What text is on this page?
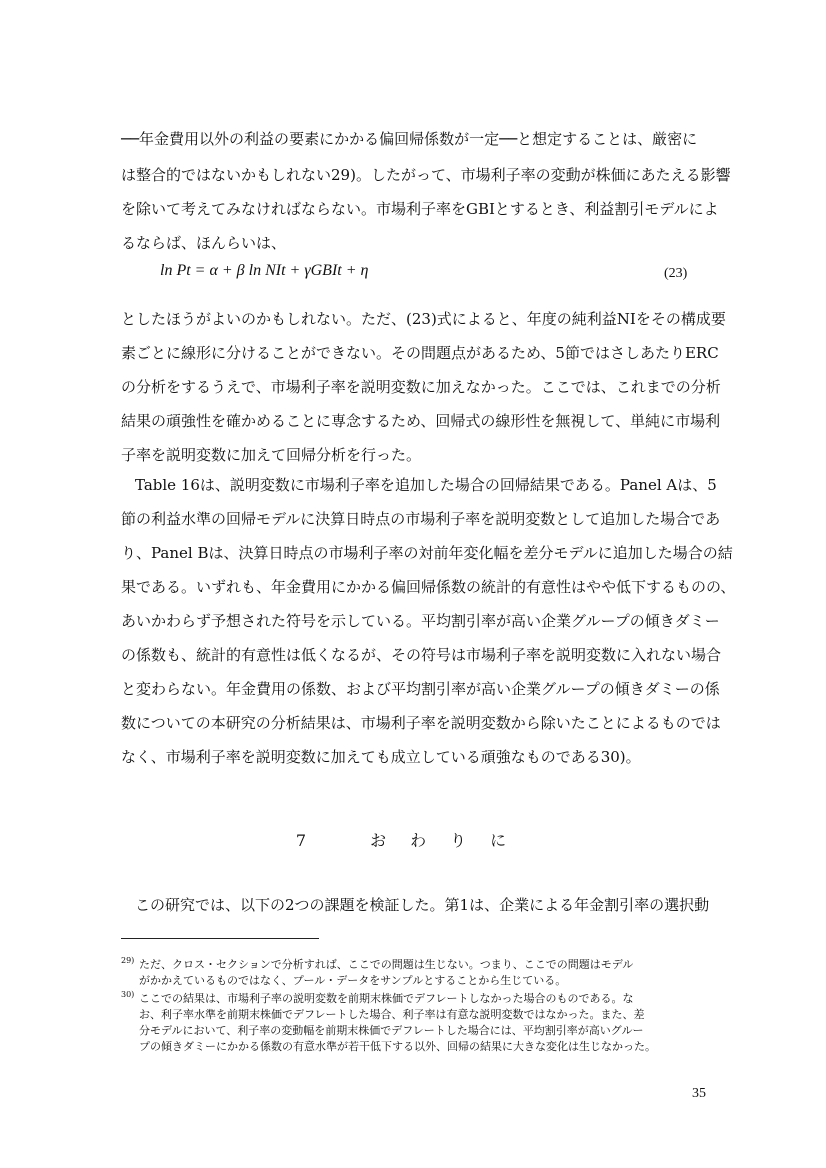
──年金費用以外の利益の要素にかかる偏回帰係数が一定──と想定することは、厳密に
は整合的ではないかもしれない29)。したがって、市場利子率の変動が株価にあたえる影響
を除いて考えてみなければならない。市場利子率をGBIとするとき、利益割引モデルによ
るならば、ほんらいは、
ln Pt = α + β ln NIt + γGBIt + η	(23)
としたほうがよいのかもしれない。ただ、(23)式によると、年度の純利益NIをその構成要
素ごとに線形に分けることができない。その問題点があるため、5節ではさしあたりERC
の分析をするうえで、市場利子率を説明変数に加えなかった。ここでは、これまでの分析
結果の頑強性を確かめることに専念するため、回帰式の線形性を無視して、単純に市場利
子率を説明変数に加えて回帰分析を行った。
Table 16は、説明変数に市場利子率を追加した場合の回帰結果である。Panel Aは、5
節の利益水準の回帰モデルに決算日時点の市場利子率を説明変数として追加した場合であ
り、Panel Bは、決算日時点の市場利子率の対前年変化幅を差分モデルに追加した場合の結
果である。いずれも、年金費用にかかる偏回帰係数の統計的有意性はやや低下するものの、
あいかわらず予想された符号を示している。平均割引率が高い企業グループの傾きダミー
の係数も、統計的有意性は低くなるが、その符号は市場利子率を説明変数に入れない場合
と変わらない。年金費用の係数、および平均割引率が高い企業グループの傾きダミーの係
数についての本研究の分析結果は、市場利子率を説明変数から除いたことによるものでは
なく、市場利子率を説明変数に加えても成立している頑強なものである30)。
7　おわりに
この研究では、以下の2つの課題を検証した。第1は、企業による年金割引率の選択動
29) ただ、クロス・セクションで分析すれば、ここでの問題は生じない。つまり、ここでの問題はモデル
がかかえているものではなく、プール・データをサンプルとすることから生じている。
30) ここでの結果は、市場利子率の説明変数を前期末株価でデフレートしなかった場合のものである。な
お、利子率水準を前期末株価でデフレートした場合、利子率は有意な説明変数ではなかった。また、差
分モデルにおいて、利子率の変動幅を前期末株価でデフレートした場合には、平均割引率が高いグルー
プの傾きダミーにかかる係数の有意水準が若干低下する以外、回帰の結果に大きな変化は生じなかった。
35
